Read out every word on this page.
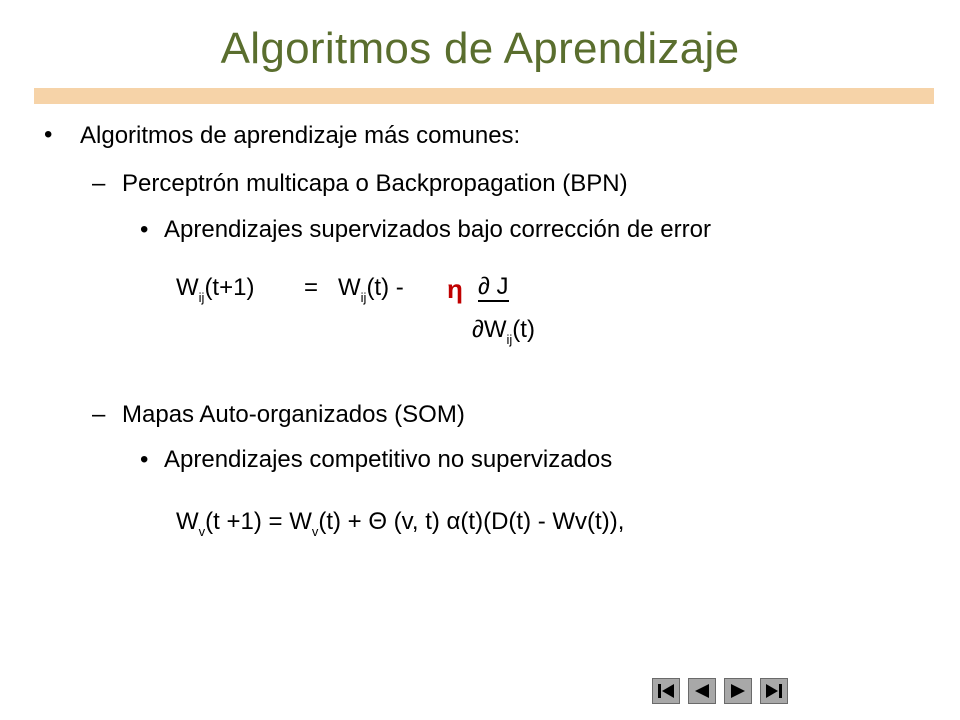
Algoritmos de Aprendizaje
• Algoritmos de aprendizaje más comunes:
– Perceptrón multicapa o Backpropagation (BPN)
• Aprendizajes supervizados bajo corrección de error
$W_{ij}(t+1) = W_{ij}(t) - \eta$ ∂ J
$\partial W_{ij}(t)$
– Mapas Auto-organizados (SOM)
• Aprendizajes competitivo no supervizados
$W_v(t +1) = W_v(t) + \Theta$ (v, t) α(t)(D(t) - Wv(t)),
